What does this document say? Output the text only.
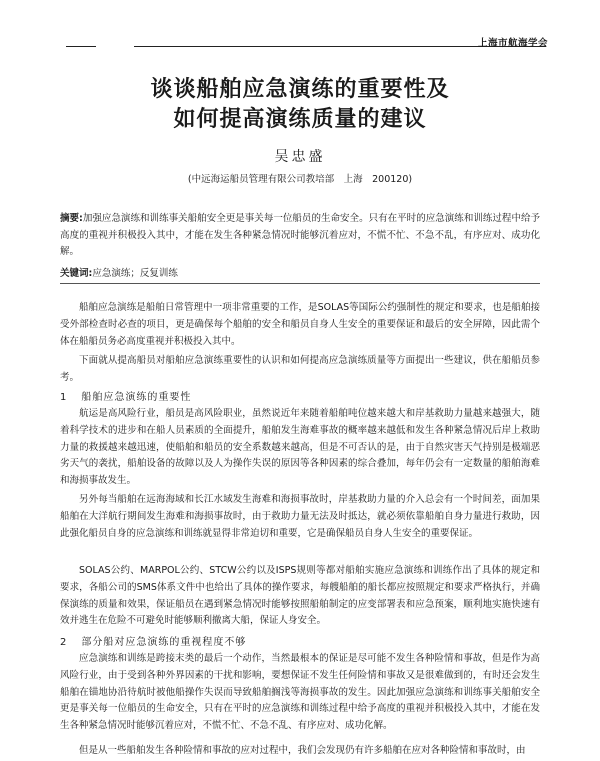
上海市航海学会
谈谈船舶应急演练的重要性及
如何提高演练质量的建议
吴忠盛
(中远海运船员管理有限公司教培部　上海　200120)
摘要:加强应急演练和训练事关船舶安全更是事关每一位船员的生命安全。只有在平时的应急演练和训练过程中给予高度的重视并积极投入其中，才能在发生各种紧急情况时能够沉着应对，不慌不忙、不急不乱，有序应对、成功化解。
关键词:应急演练；反复训练
船舶应急演练是船舶日常管理中一项非常重要的工作，是SOLAS等国际公约强制性的规定和要求，也是船舶接受外部检查时必查的项目，更是确保每个船舶的安全和船员自身人生安全的重要保证和最后的安全屏障，因此需个体在船船员务必高度重视并积极投入其中。
下面就从提高船员对船舶应急演练重要性的认识和如何提高应急演练质量等方面提出一些建议，供在船船员参考。
1 船舶应急演练的重要性
航运是高风险行业，船员是高风险职业，虽然说近年来随着船舶吨位越来越大和岸基救助力量越来越强大，随着科学技术的进步和在船人员素质的全面提升，船舶发生海难事故的概率越来越低和发生各种紧急情况后岸上救助力量的救援越来越迅速，使船舶和船员的安全系数越来越高，但是不可否认的是，由于自然灾害天气持别是极端恶劣天气的袭扰，船舶设备的故障以及人为操作失误的原因等各种因素的综合叠加，每年仍会有一定数量的船舶海难和海损事故发生。
另外每当船舶在远海海域和长江水域发生海难和海损事故时，岸基救助力量的介入总会有一个时间差，面加果船舶在大洋航行期间发生海难和海损事故时，由于救助力量无法及时抵达，就必须依靠船舶自身力量进行救助，因此强化船员自身的应急演练和训练就显得非常迫切和重要，它是确保船员自身人生安全的重要保证。
SOLAS公约、MARPOL公约、STCW公约以及ISPS规则等都对船舶实施应急演练和训练作出了具体的规定和要求，各船公司的SMS体系文件中也给出了具体的操作要求，每艘船舶的船长都应按照规定和要求严格执行，并确保演练的质量和效果，保证船员在遇到紧急情况时能够按照船舶制定的应变部署表和应急预案，顺利地实施快速有效并逃生在危险不可避免时能够顺利撤离大船，保证人身安全。
2 部分船对应急演练的重视程度不够
应急演练和训练是跨接末类的最后一个动作，当然最根本的保证是尽可能不发生各种险情和事故，但是作为高风险行业，由于受到各种外界因素的干扰和影响，要想保证不发生任何险情和事故又是很难做到的，有时还会发生船舶在锚地协沿待航时被他船操作失误而导致船舶搁浅等海损事故的发生。因此加强应急演练和训练事关船舶安全更是事关每一位船员的生命安全，只有在平时的应急演练和训练过程中给予高度的重视并积极投入其中，才能在发生各种紧急情况时能够沉着应对，不慌不忙、不急不乱、有序应对、成功化解。
但是从一些船舶发生各种险情和事故的应对过程中，我们会发现仍有许多船舶在应对各种险情和事故时，由
